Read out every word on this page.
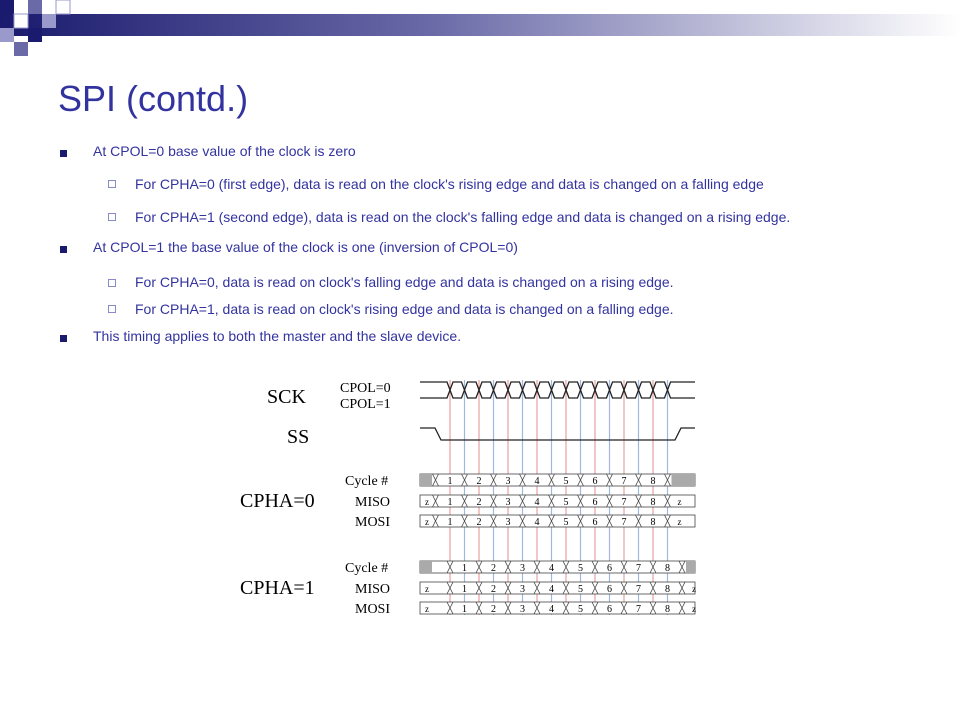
SPI (contd.)
At CPOL=0 base value of the clock is zero
For CPHA=0 (first edge), data is read on the clock's rising edge and data is changed on a falling edge
For CPHA=1 (second edge), data is read on the clock's falling edge and data is changed on a rising edge.
At CPOL=1 the base value of the clock is one (inversion of CPOL=0)
For CPHA=0, data is read on clock's falling edge and data is changed on a rising edge.
For CPHA=1, data is read on clock's rising edge and data is changed on a falling edge.
This timing applies to both the master and the slave device.
SCK CPOL=0
CPOL=1
SS
CPHA=0
CPHA=1
Cycle #
MISO
MOSI
Cycle #
MISO
MOSI
1 2 3 4 5 6 7 8
z 1 2 3 4 5 6 7 8 z
z 1 2 3 4 5 6 7 8 z
1 2 3 4 5 6 7 8
z	1 2 3 4 5 6 7 8 z
z	1 2 3 4 5 6 7 8 z
